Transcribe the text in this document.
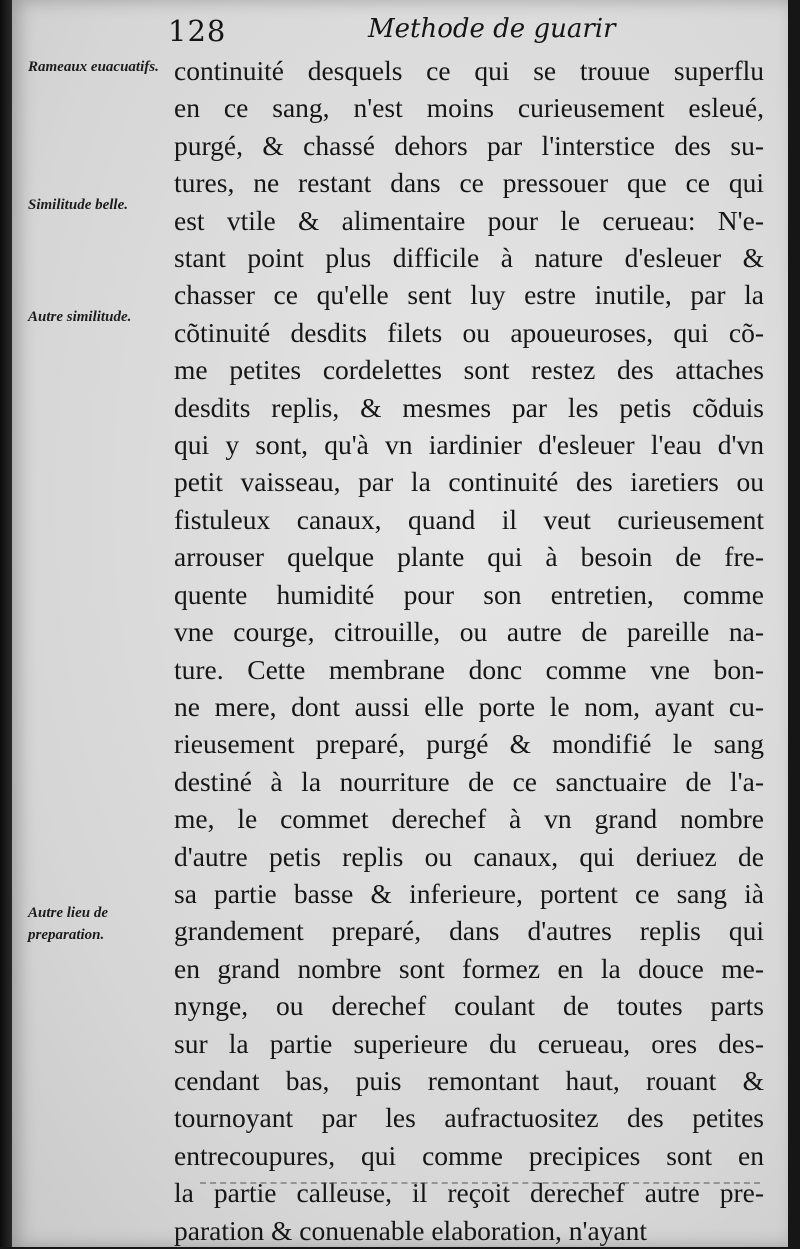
128	Methode de guarir
Rameaux euacuatifs.
Similitude belle.
Autre similitude.
Autre lieu de preparation.
continuité desquels ce qui se trouue superflu
en ce sang, n'est moins curieusement esleué,
purgé, & chassé dehors par l'interstice des su-
tures, ne restant dans ce pressouer que ce qui
est vtile & alimentaire pour le cerueau: N'e-
stant point plus difficile à nature d'esleuer &
chasser ce qu'elle sent luy estre inutile, par la
cõtinuité desdits filets ou apoueuroses, qui cõ-
me petites cordelettes sont restez des attaches
desdits replis, & mesmes par les petis cõduis
qui y sont, qu'à vn iardinier d'esleuer l'eau d'vn
petit vaisseau, par la continuité des iaretiers ou
fistuleux canaux, quand il veut curieusement
arrouser quelque plante qui à besoin de fre-
quente humidité pour son entretien, comme
vne courge, citrouille, ou autre de pareille na-
ture. Cette membrane donc comme vne bon-
ne mere, dont aussi elle porte le nom, ayant cu-
rieusement preparé, purgé & mondifié le sang
destiné à la nourriture de ce sanctuaire de l'a-
me, le commet derechef à vn grand nombre
d'autre petis replis ou canaux, qui deriuez de
sa partie basse & inferieure, portent ce sang ià
grandement preparé, dans d'autres replis qui
en grand nombre sont formez en la douce me-
nynge, ou derechef coulant de toutes parts
sur la partie superieure du cerueau, ores des-
cendant bas, puis remontant haut, rouant &
tournoyant par les aufractuositez des petites
entrecoupures, qui comme precipices sont en
la partie calleuse, il reçoit derechef autre pre-
paration & conuenable elaboration, n'ayant
